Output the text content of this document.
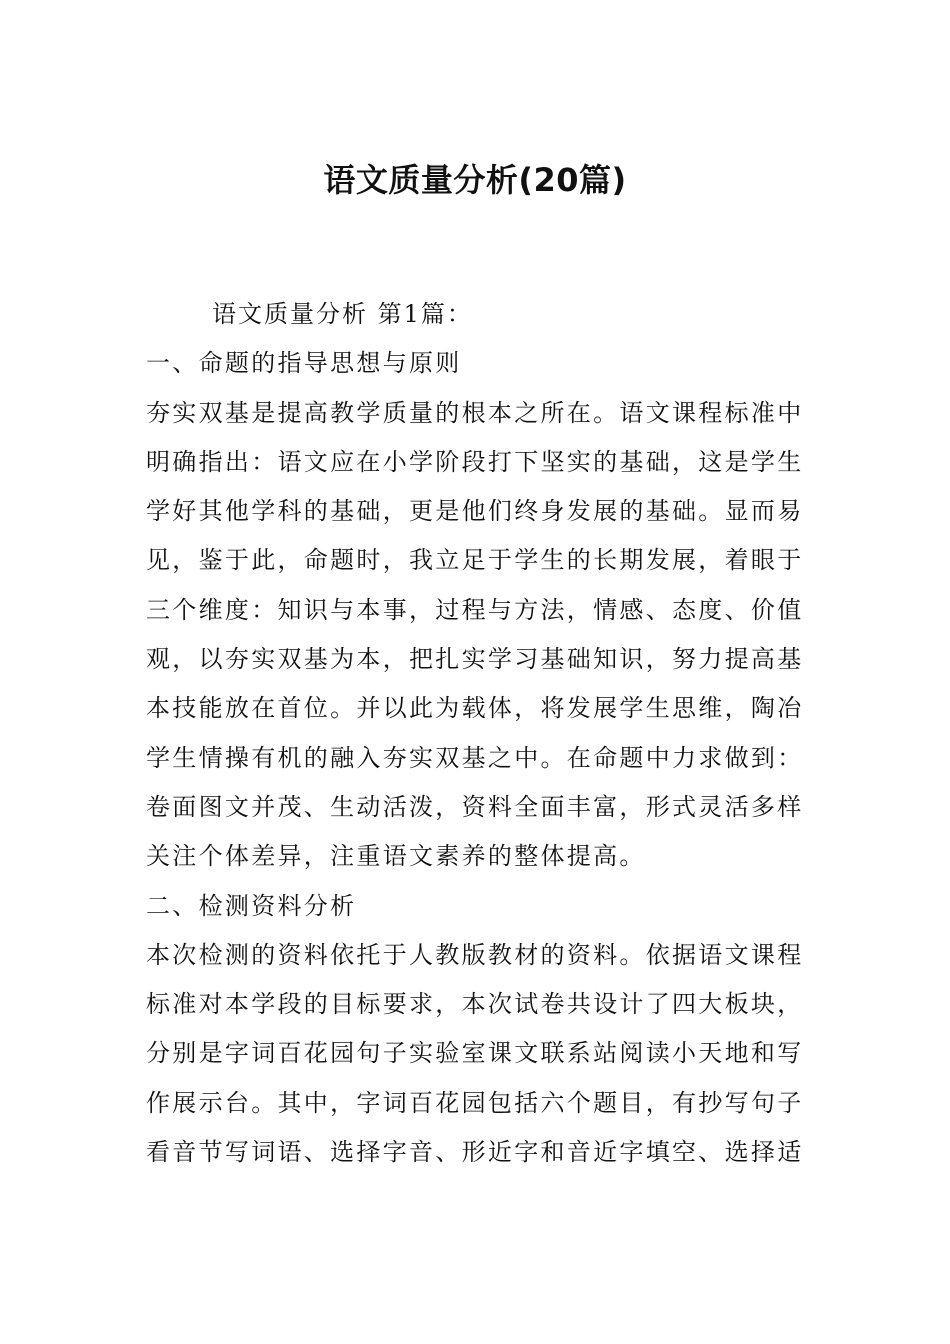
语文质量分析(20篇)
语文质量分析 第1篇：
一、命题的指导思想与原则
夯实双基是提高教学质量的根本之所在。语文课程标准中
明确指出：语文应在小学阶段打下坚实的基础，这是学生
学好其他学科的基础，更是他们终身发展的基础。显而易
见，鉴于此，命题时，我立足于学生的长期发展，着眼于
三个维度：知识与本事，过程与方法，情感、态度、价值
观，以夯实双基为本，把扎实学习基础知识，努力提高基
本技能放在首位。并以此为载体，将发展学生思维，陶冶
学生情操有机的融入夯实双基之中。在命题中力求做到：
卷面图文并茂、生动活泼，资料全面丰富，形式灵活多样
关注个体差异，注重语文素养的整体提高。
二、检测资料分析
本次检测的资料依托于人教版教材的资料。依据语文课程
标准对本学段的目标要求，本次试卷共设计了四大板块，
分别是字词百花园句子实验室课文联系站阅读小天地和写
作展示台。其中，字词百花园包括六个题目，有抄写句子
看音节写词语、选择字音、形近字和音近字填空、选择适
